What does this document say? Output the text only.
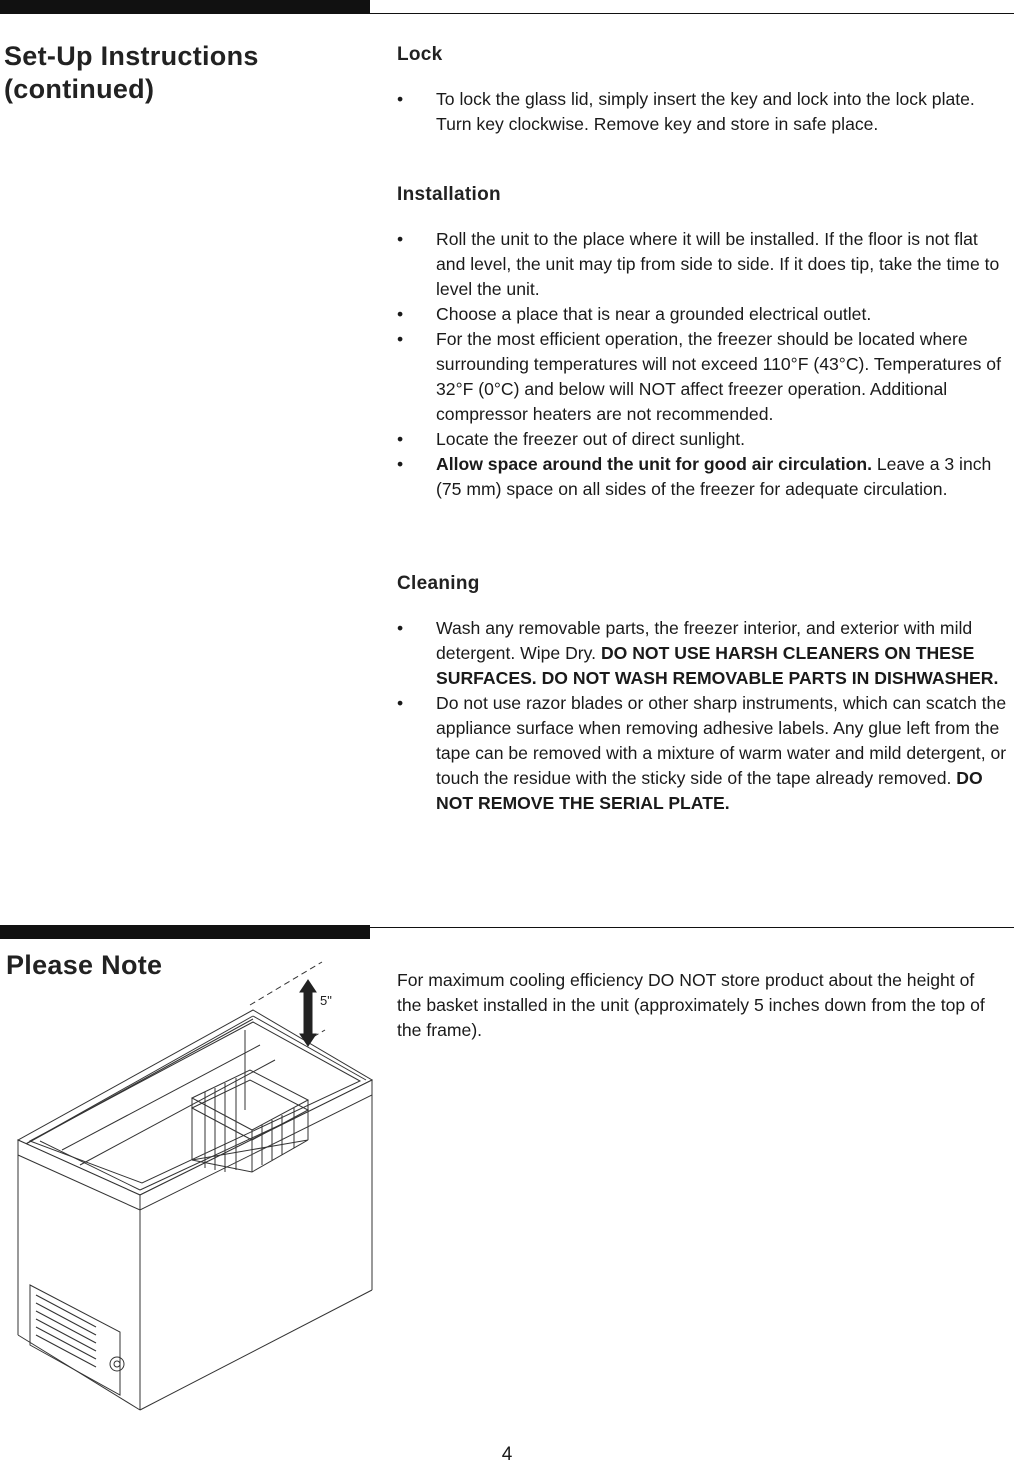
Set-Up Instructions
(continued)
Lock
• To lock the glass lid, simply insert the key and lock into the lock plate. Turn key clockwise. Remove key and store in safe place.
Installation
• Roll the unit to the place where it will be installed. If the floor is not flat and level, the unit may tip from side to side. If it does tip, take the time to level the unit.
• Choose a place that is near a grounded electrical outlet.
• For the most efficient operation, the freezer should be located where surrounding temperatures will not exceed 110°F (43°C). Temperatures of 32°F (0°C) and below will NOT affect freezer operation. Additional compressor heaters are not recommended.
• Locate the freezer out of direct sunlight.
• Allow space around the unit for good air circulation. Leave a 3 inch (75 mm) space on all sides of the freezer for adequate circulation.
Cleaning
• Wash any removable parts, the freezer interior, and exterior with mild detergent. Wipe Dry. DO NOT USE HARSH CLEANERS ON THESE SURFACES. DO NOT WASH REMOVABLE PARTS IN DISHWASHER.
• Do not use razor blades or other sharp instruments, which can scatch the appliance surface when removing adhesive labels. Any glue left from the tape can be removed with a mixture of warm water and mild detergent, or touch the residue with the sticky side of the tape already removed. DO NOT REMOVE THE SERIAL PLATE.
Please Note	For maximum cooling efficiency DO NOT store product about the height of the basket installed in the unit (approximately 5 inches down from the top of the frame).
5"
4
